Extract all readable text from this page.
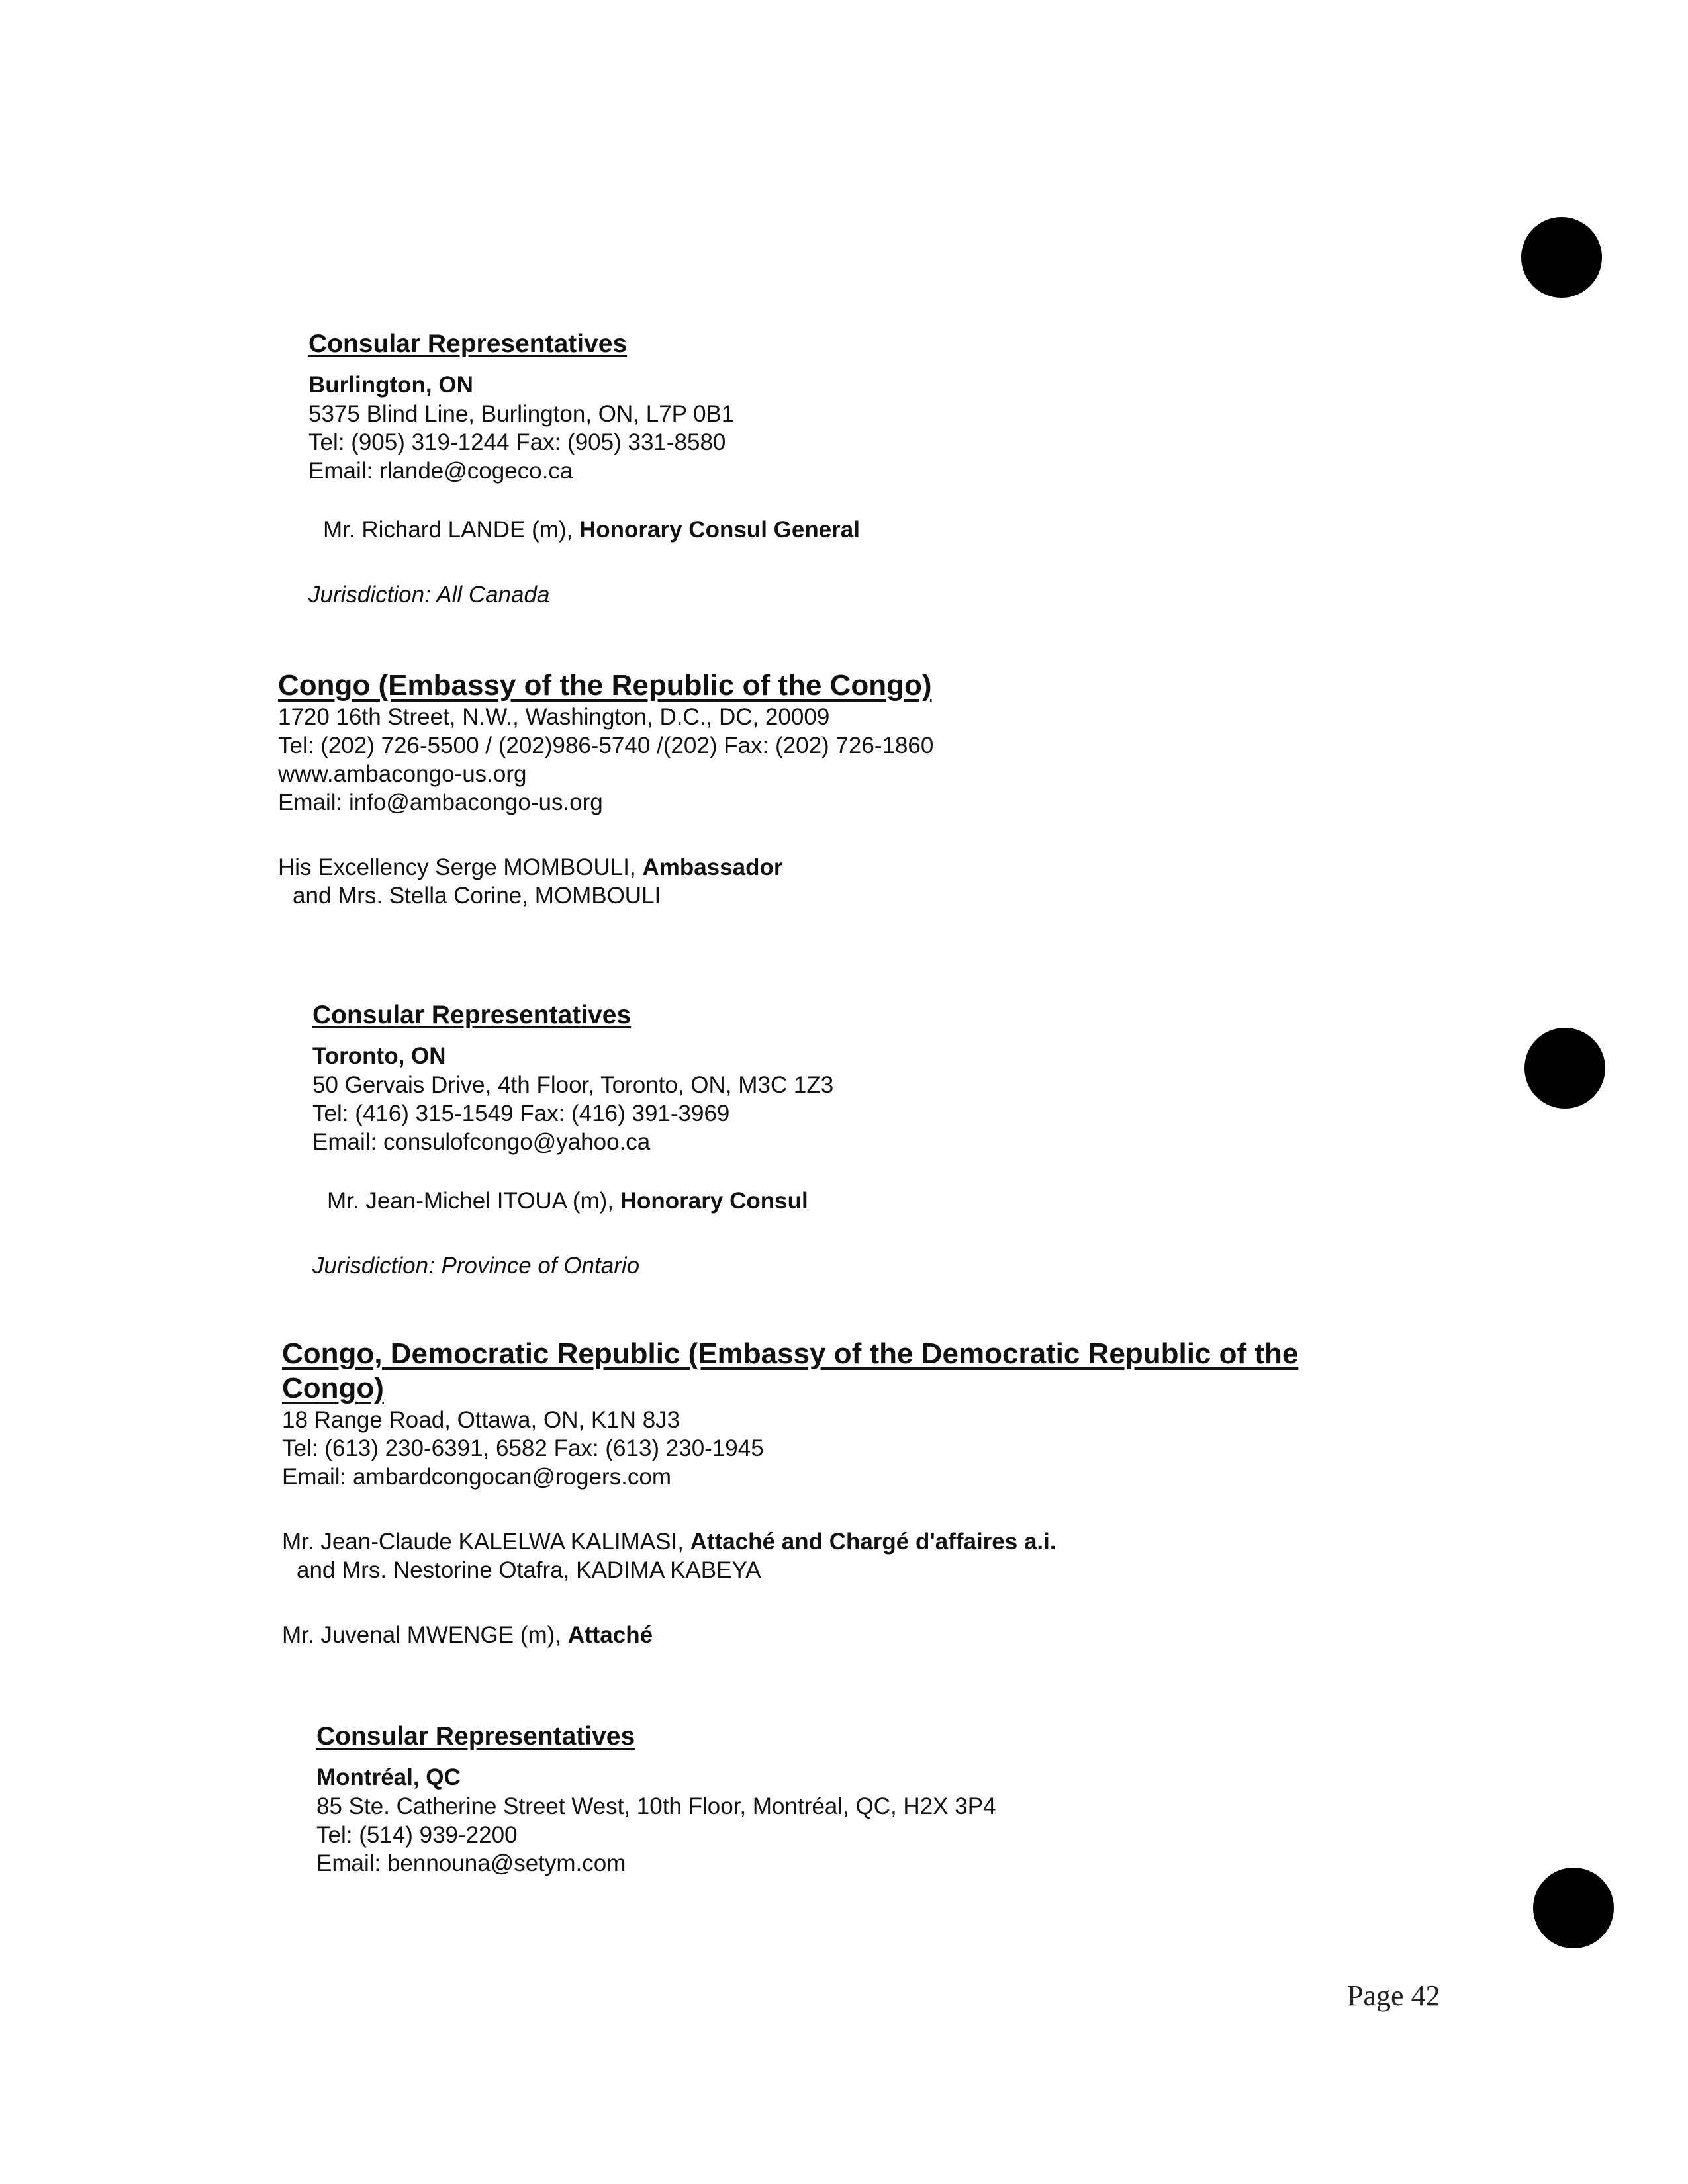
Consular Representatives
Burlington, ON
5375 Blind Line, Burlington, ON, L7P 0B1
Tel: (905) 319-1244 Fax: (905) 331-8580
Email: rlande@cogeco.ca
Mr. Richard LANDE (m), Honorary Consul General
Jurisdiction: All Canada
Congo (Embassy of the Republic of the Congo)
1720 16th Street, N.W., Washington, D.C., DC, 20009
Tel: (202) 726-5500 / (202)986-5740 /(202) Fax: (202) 726-1860
www.ambacongo-us.org
Email: info@ambacongo-us.org
His Excellency Serge MOMBOULI, Ambassador
and Mrs. Stella Corine, MOMBOULI
Consular Representatives
Toronto, ON
50 Gervais Drive, 4th Floor, Toronto, ON, M3C 1Z3
Tel: (416) 315-1549 Fax: (416) 391-3969
Email: consulofcongo@yahoo.ca
Mr. Jean-Michel ITOUA (m), Honorary Consul
Jurisdiction: Province of Ontario
Congo, Democratic Republic (Embassy of the Democratic Republic of the
Congo)
18 Range Road, Ottawa, ON, K1N 8J3
Tel: (613) 230-6391, 6582 Fax: (613) 230-1945
Email: ambardcongocan@rogers.com
Mr. Jean-Claude KALELWA KALIMASI, Attaché and Chargé d'affaires a.i.
and Mrs. Nestorine Otafra, KADIMA KABEYA
Mr. Juvenal MWENGE (m), Attaché
Consular Representatives
Montréal, QC
85 Ste. Catherine Street West, 10th Floor, Montréal, QC, H2X 3P4
Tel: (514) 939-2200
Email: bennouna@setym.com
Page 42
